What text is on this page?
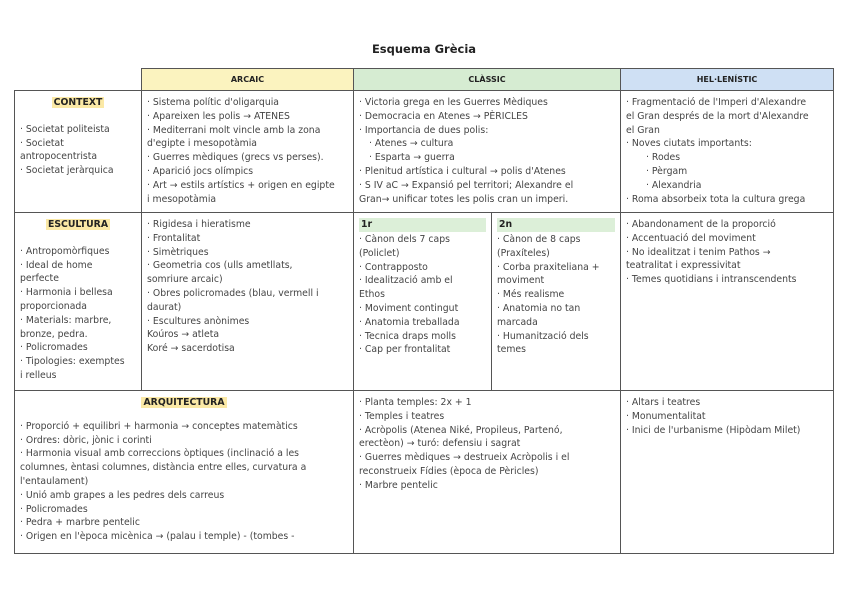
Esquema Grècia
ARCAIC	CLÀSSIC	HEL·LENÍSTIC
CONTEXT
· Societat politeista
· Societat
antropocentrista
· Societat jeràrquica
· Sistema polític d'oligarquia
· Apareixen les polis → ATENES
· Mediterrani molt vincle amb la zona
d'egipte i mesopotàmia
· Guerres mèdiques (grecs vs perses).
· Aparició jocs olímpics
· Art → estils artístics + origen en egipte
i mesopotàmia
· Victoria grega en les Guerres Mèdiques
· Democracia en Atenes → PÈRICLES
· Importancia de dues polis:
· Atenes → cultura
· Esparta → guerra
· Plenitud artística i cultural → polis d'Atenes
· S IV aC → Expansió pel territori; Alexandre el
Gran→ unificar totes les polis cran un imperi.
· Fragmentació de l'Imperi d'Alexandre
el Gran després de la mort d'Alexandre
el Gran
· Noves ciutats importants:
· Rodes
· Pèrgam
· Alexandria
· Roma absorbeix tota la cultura grega
ESCULTURA
· Antropomòrfiques
· Ideal de home
perfecte
· Harmonia i bellesa
proporcionada
· Materials: marbre,
bronze, pedra.
· Policromades
· Tipologies: exemptes
i relleus
· Rigidesa i hieratisme
· Frontalitat
· Simètriques
· Geometria cos (ulls ametllats,
somriure arcaic)
· Obres policromades (blau, vermell i
daurat)
· Escultures anònimes
Koúros → atleta
Koré → sacerdotisa
1r
· Cànon dels 7 caps
(Policlet)
· Contrapposto
· Idealització amb el
Ethos
· Moviment contingut
· Anatomia treballada
· Tecnica draps molls
· Cap per frontalitat
2n
· Cànon de 8 caps
(Praxíteles)
· Corba praxiteliana +
moviment
· Més realisme
· Anatomia no tan
marcada
· Humanització dels
temes
· Abandonament de la proporció
· Accentuació del moviment
· No idealitzat i tenim Pathos →
teatralitat i expressivitat
· Temes quotidians i intranscendents
ARQUITECTURA
· Proporció + equilibri + harmonia → conceptes matemàtics
· Ordres: dòric, jònic i corinti
· Harmonia visual amb correccions òptiques (inclinació a les
columnes, èntasi columnes, distància entre elles, curvatura a
l'entaulament)
· Unió amb grapes a les pedres dels carreus
· Policromades
· Pedra + marbre pentelic
· Origen en l'època micènica → (palau i temple) - (tombes -
· Planta temples: 2x + 1
· Temples i teatres
· Acròpolis (Atenea Niké, Propileus, Partenó,
erectèon) → turó: defensiu i sagrat
· Guerres mèdiques → destrueix Acròpolis i el
reconstrueix Fídies (època de Pèricles)
· Marbre pentelic
· Altars i teatres
· Monumentalitat
· Inici de l'urbanisme (Hipòdam Milet)
